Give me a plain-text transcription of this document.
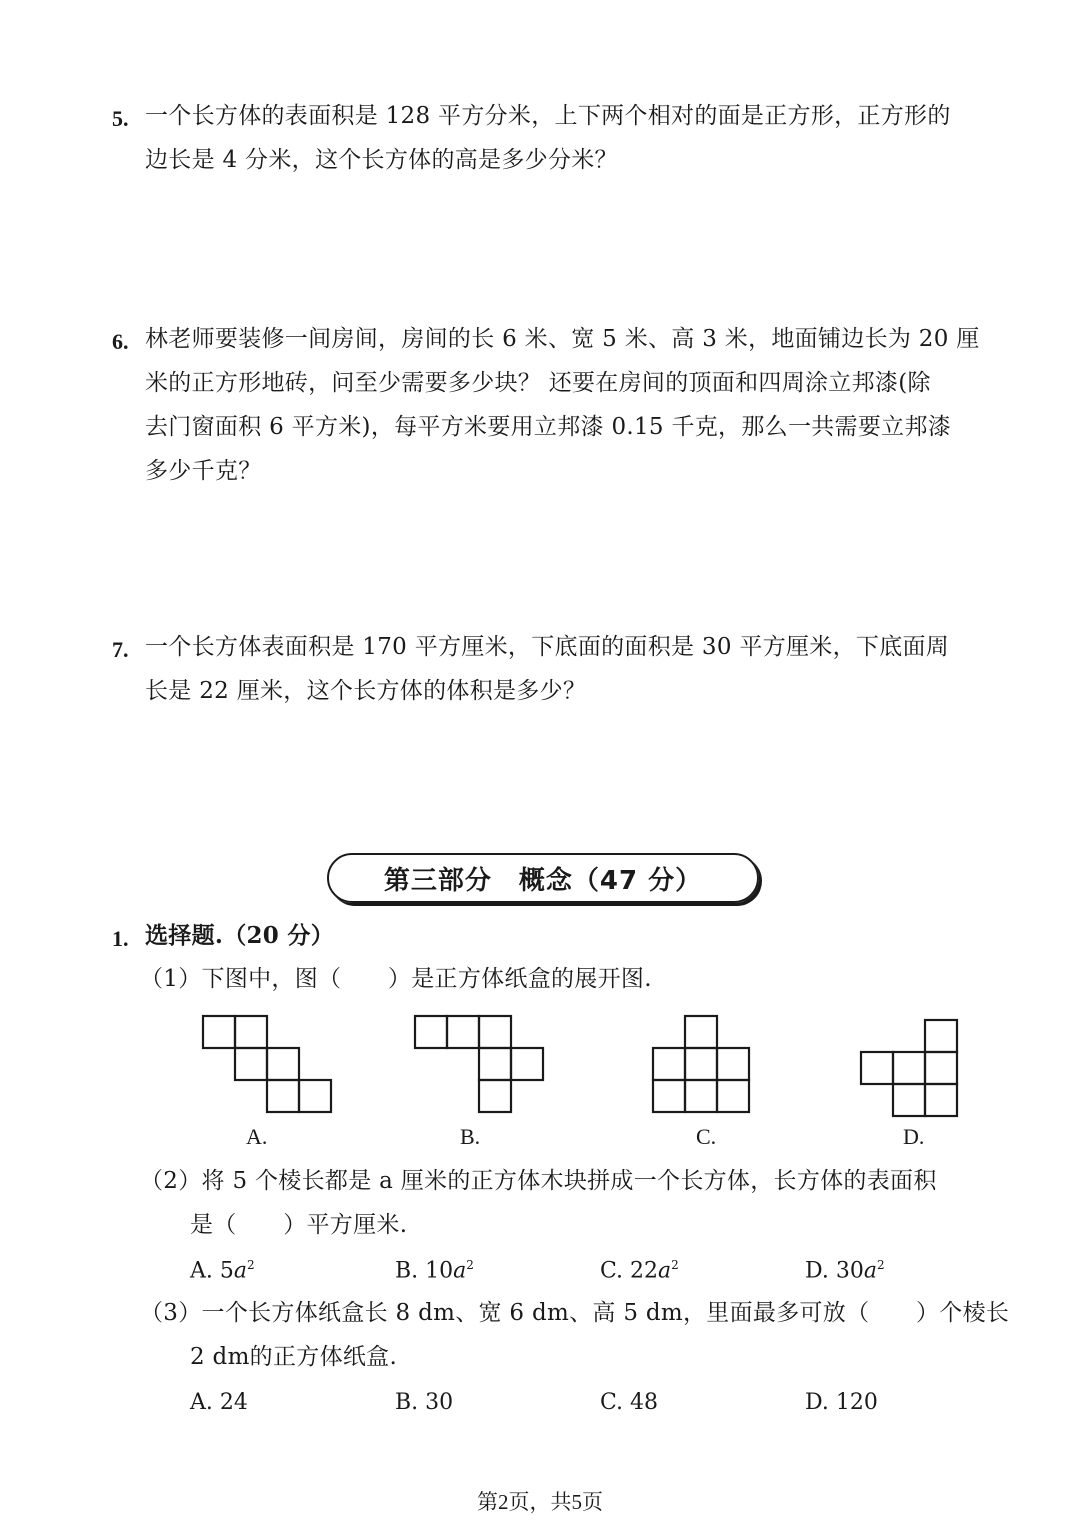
5. 一个长方体的表面积是 128 平方分米，上下两个相对的面是正方形，正方形的
边长是 4 分米，这个长方体的高是多少分米？
6. 林老师要装修一间房间，房间的长 6 米、宽 5 米、高 3 米，地面铺边长为 20 厘
米的正方形地砖，问至少需要多少块？ 还要在房间的顶面和四周涂立邦漆(除
去门窗面积 6 平方米)，每平方米要用立邦漆 0.15 千克，那么一共需要立邦漆
多少千克？
7. 一个长方体表面积是 170 平方厘米，下底面的面积是 30 平方厘米，下底面周
长是 22 厘米，这个长方体的体积是多少？
第三部分　概念（47 分）
1. 选择题.（20 分）
（1）下图中，图（　　）是正方体纸盒的展开图.
A.	B.	C.	D.
（2）将 5 个棱长都是 a 厘米的正方体木块拼成一个长方体，长方体的表面积
是（　　）平方厘米.
A. $5a^2$	B. $10a^2$	C. $22a^2$	D. $30a^2$
（3）一个长方体纸盒长 8 dm、宽 6 dm、高 5 dm，里面最多可放（　　）个棱长
2 dm的正方体纸盒.
A. 24	B. 30	C. 48	D. 120
第2页，共5页
